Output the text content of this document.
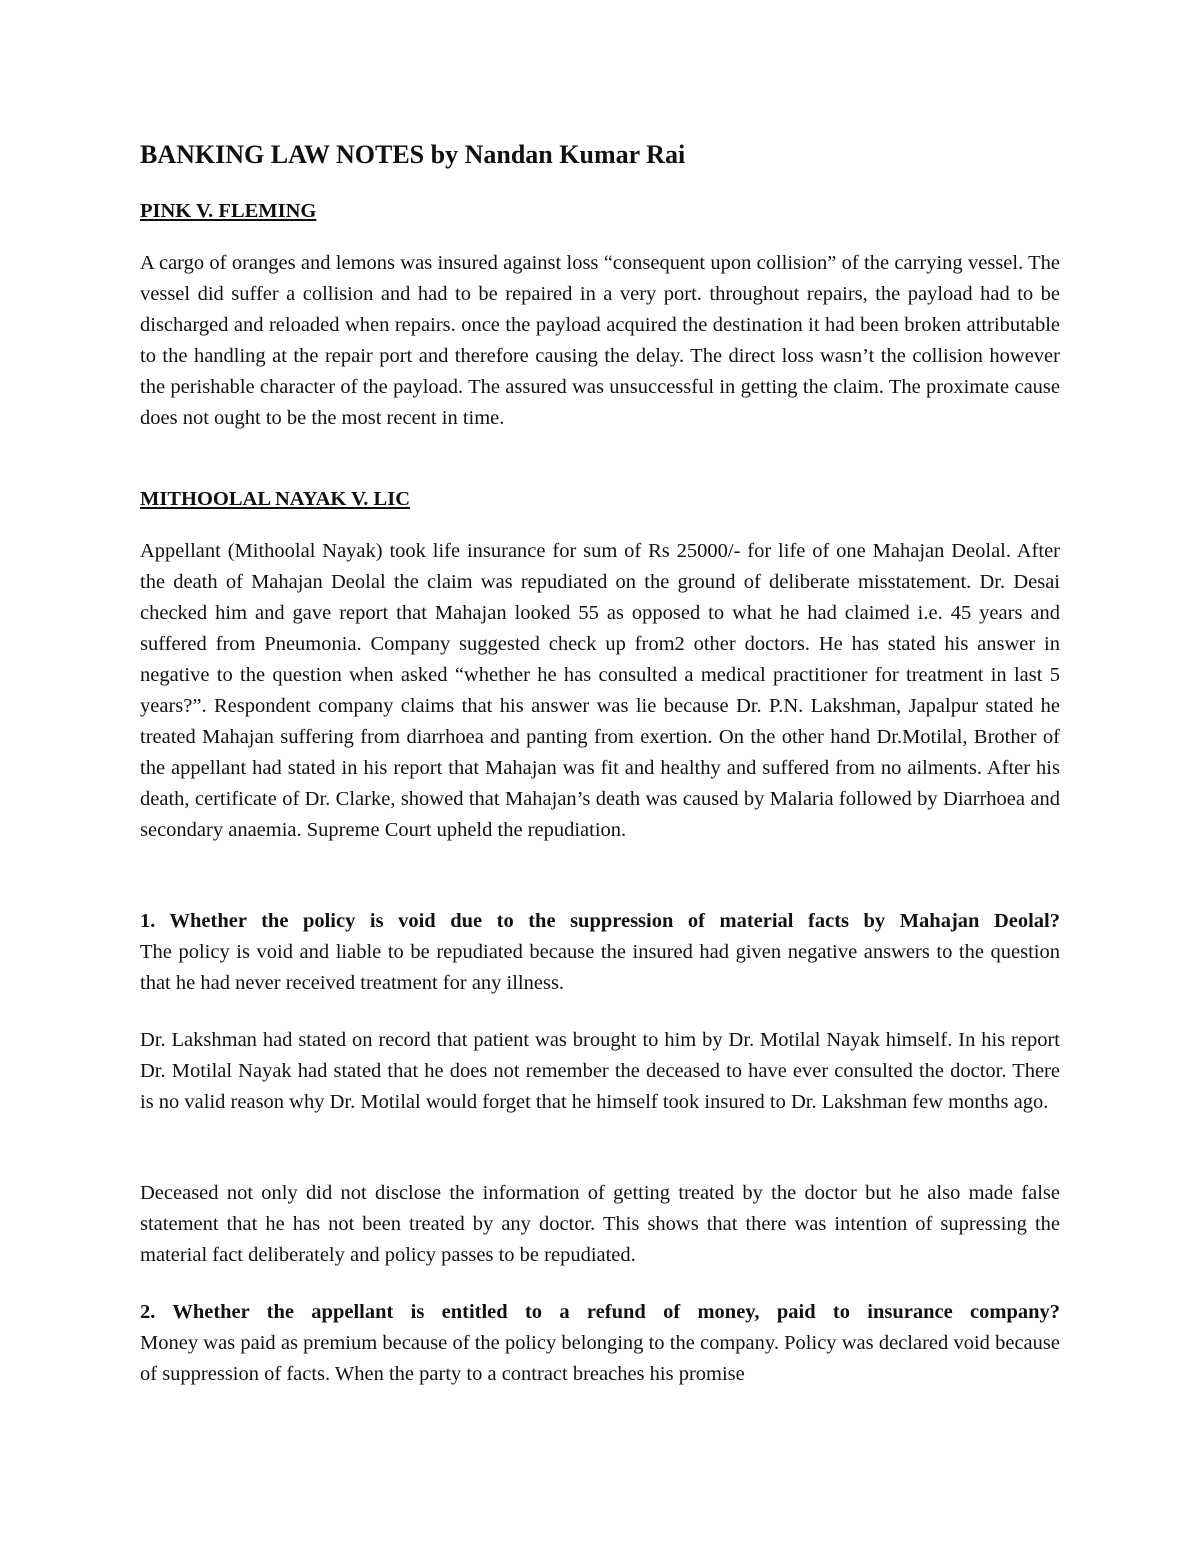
BANKING LAW NOTES by Nandan Kumar Rai
PINK V. FLEMING

A cargo of oranges and lemons was insured against loss “consequent upon collision” of the carrying vessel. The vessel did suffer a collision and had to be repaired in a very port. throughout repairs, the payload had to be discharged and reloaded when repairs. once the payload acquired the destination it had been broken attributable to the handling at the repair port and therefore causing the delay. The direct loss wasn’t the collision however the perishable character of the payload. The assured was unsuccessful in getting the claim. The proximate cause does not ought to be the most recent in time.

MITHOOLAL NAYAK V. LIC

Appellant (Mithoolal Nayak) took life insurance for sum of Rs 25000/- for life of one Mahajan Deolal. After the death of Mahajan Deolal the claim was repudiated on the ground of deliberate misstatement. Dr. Desai checked him and gave report that Mahajan looked 55 as opposed to what he had claimed i.e. 45 years and suffered from Pneumonia. Company suggested check up from2 other doctors. He has stated his answer in negative to the question when asked “whether he has consulted a medical practitioner for treatment in last 5 years?”. Respondent company claims that his answer was lie because Dr. P.N. Lakshman, Japalpur stated he treated Mahajan suffering from diarrhoea and panting from exertion. On the other hand Dr.Motilal, Brother of the appellant had stated in his report that Mahajan was fit and healthy and suffered from no ailments. After his death, certificate of Dr. Clarke, showed that Mahajan’s death was caused by Malaria followed by Diarrhoea and secondary anaemia. Supreme Court upheld the repudiation.

1. Whether the policy is void due to the suppression of material facts by Mahajan Deolal?
The policy is void and liable to be repudiated because the insured had given negative answers to the question that he had never received treatment for any illness.

Dr. Lakshman had stated on record that patient was brought to him by Dr. Motilal Nayak himself. In his report Dr. Motilal Nayak had stated that he does not remember the deceased to have ever consulted the doctor. There is no valid reason why Dr. Motilal would forget that he himself took insured to Dr. Lakshman few months ago.

Deceased not only did not disclose the information of getting treated by the doctor but he also made false statement that he has not been treated by any doctor. This shows that there was intention of supressing the material fact deliberately and policy passes to be repudiated.

2. Whether the appellant is entitled to a refund of money, paid to insurance company?
Money was paid as premium because of the policy belonging to the company. Policy was declared void because of suppression of facts. When the party to a contract breaches his promise
